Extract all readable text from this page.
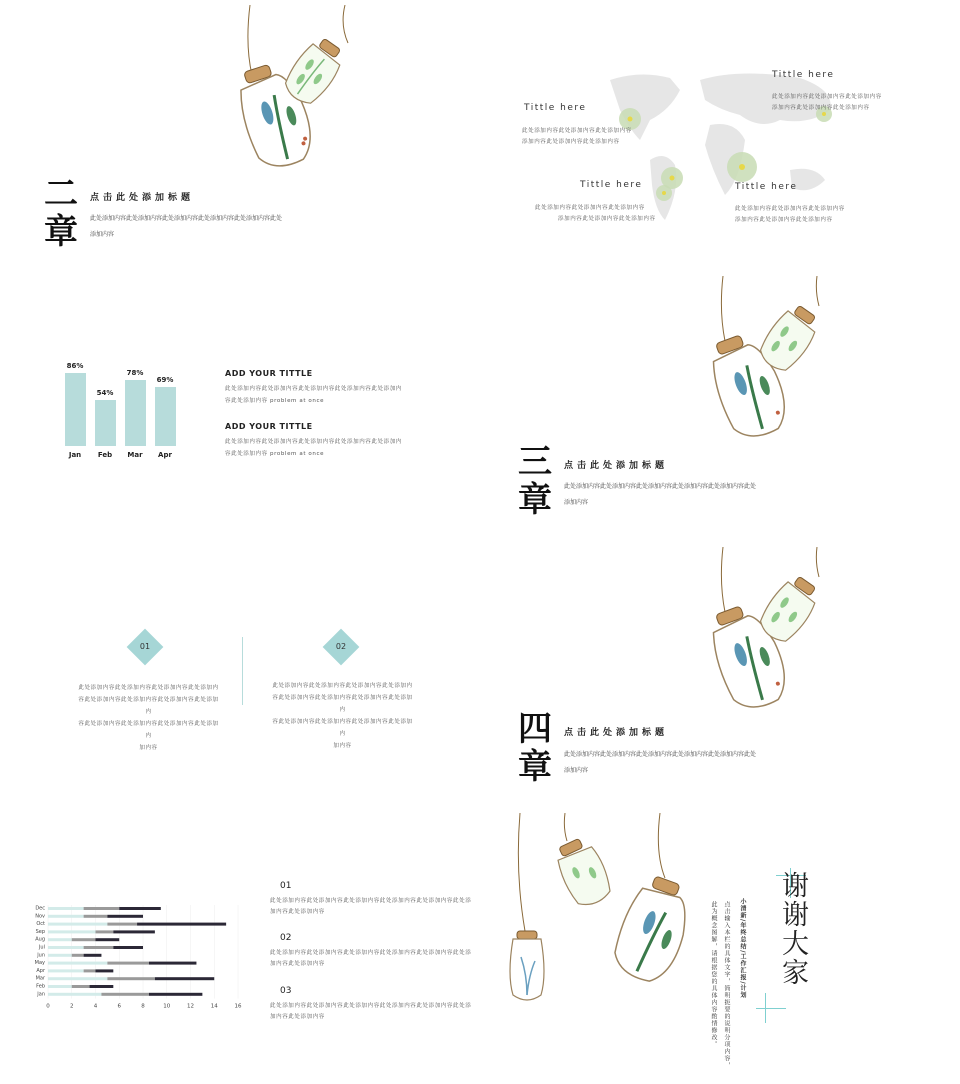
二章
点击此处添加标题
此处添加内容此处添加内容此处添加内容此处添加内容此处添加内容此处
添加内容
Tittle here
此处添加内容此处添加内容此处添加内容
添加内容此处添加内容此处添加内容
Tittle here
此处添加内容此处添加内容此处添加内容
添加内容此处添加内容此处添加内容
Tittle here
此处添加内容此处添加内容此处添加内容
添加内容此处添加内容此处添加内容
Tittle here
此处添加内容此处添加内容此处添加内容
添加内容此处添加内容此处添加内容
86%
Jan
54%
Feb
78%
Mar
69%
Apr
ADD YOUR TITTLE
此处添加内容此处添加内容此处添加内容此处添加内容此处添加内
容此处添加内容 problem at once
ADD YOUR TITTLE
此处添加内容此处添加内容此处添加内容此处添加内容此处添加内
容此处添加内容 problem at once	三章
点击此处添加标题
此处添加内容此处添加内容此处添加内容此处添加内容此处添加内容此处
添加内容
01	02
此处添加内容此处添加内容此处添加内容此处添加内
容此处添加内容此处添加内容此处添加内容此处添加内
容此处添加内容此处添加内容此处添加内容此处添加内
加内容
此处添加内容此处添加内容此处添加内容此处添加内
容此处添加内容此处添加内容此处添加内容此处添加内
容此处添加内容此处添加内容此处添加内容此处添加内
加内容	四章
点击此处添加标题
此处添加内容此处添加内容此处添加内容此处添加内容此处添加内容此处
添加内容
0	2	4	6	8	10	12	14	16
Jan
Feb
Mar
Apr
May
Jun
Jul
Aug
Sep
Oct
Nov
Dec
01
此处添加内容此处添加内容此处添加内容此处添加内容此处添加内容此处添
加内容此处添加内容
02
此处添加内容此处添加内容此处添加内容此处添加内容此处添加内容此处添
加内容此处添加内容
03
此处添加内容此处添加内容此处添加内容此处添加内容此处添加内容此处添
加内容此处添加内容
谢谢大家
小清新/年终总结/工作汇报/计划
点击输入本栏的具体文字，简明扼要的说明分项内容，
此为概念图解，请根据您的具体内容酌情修改。
